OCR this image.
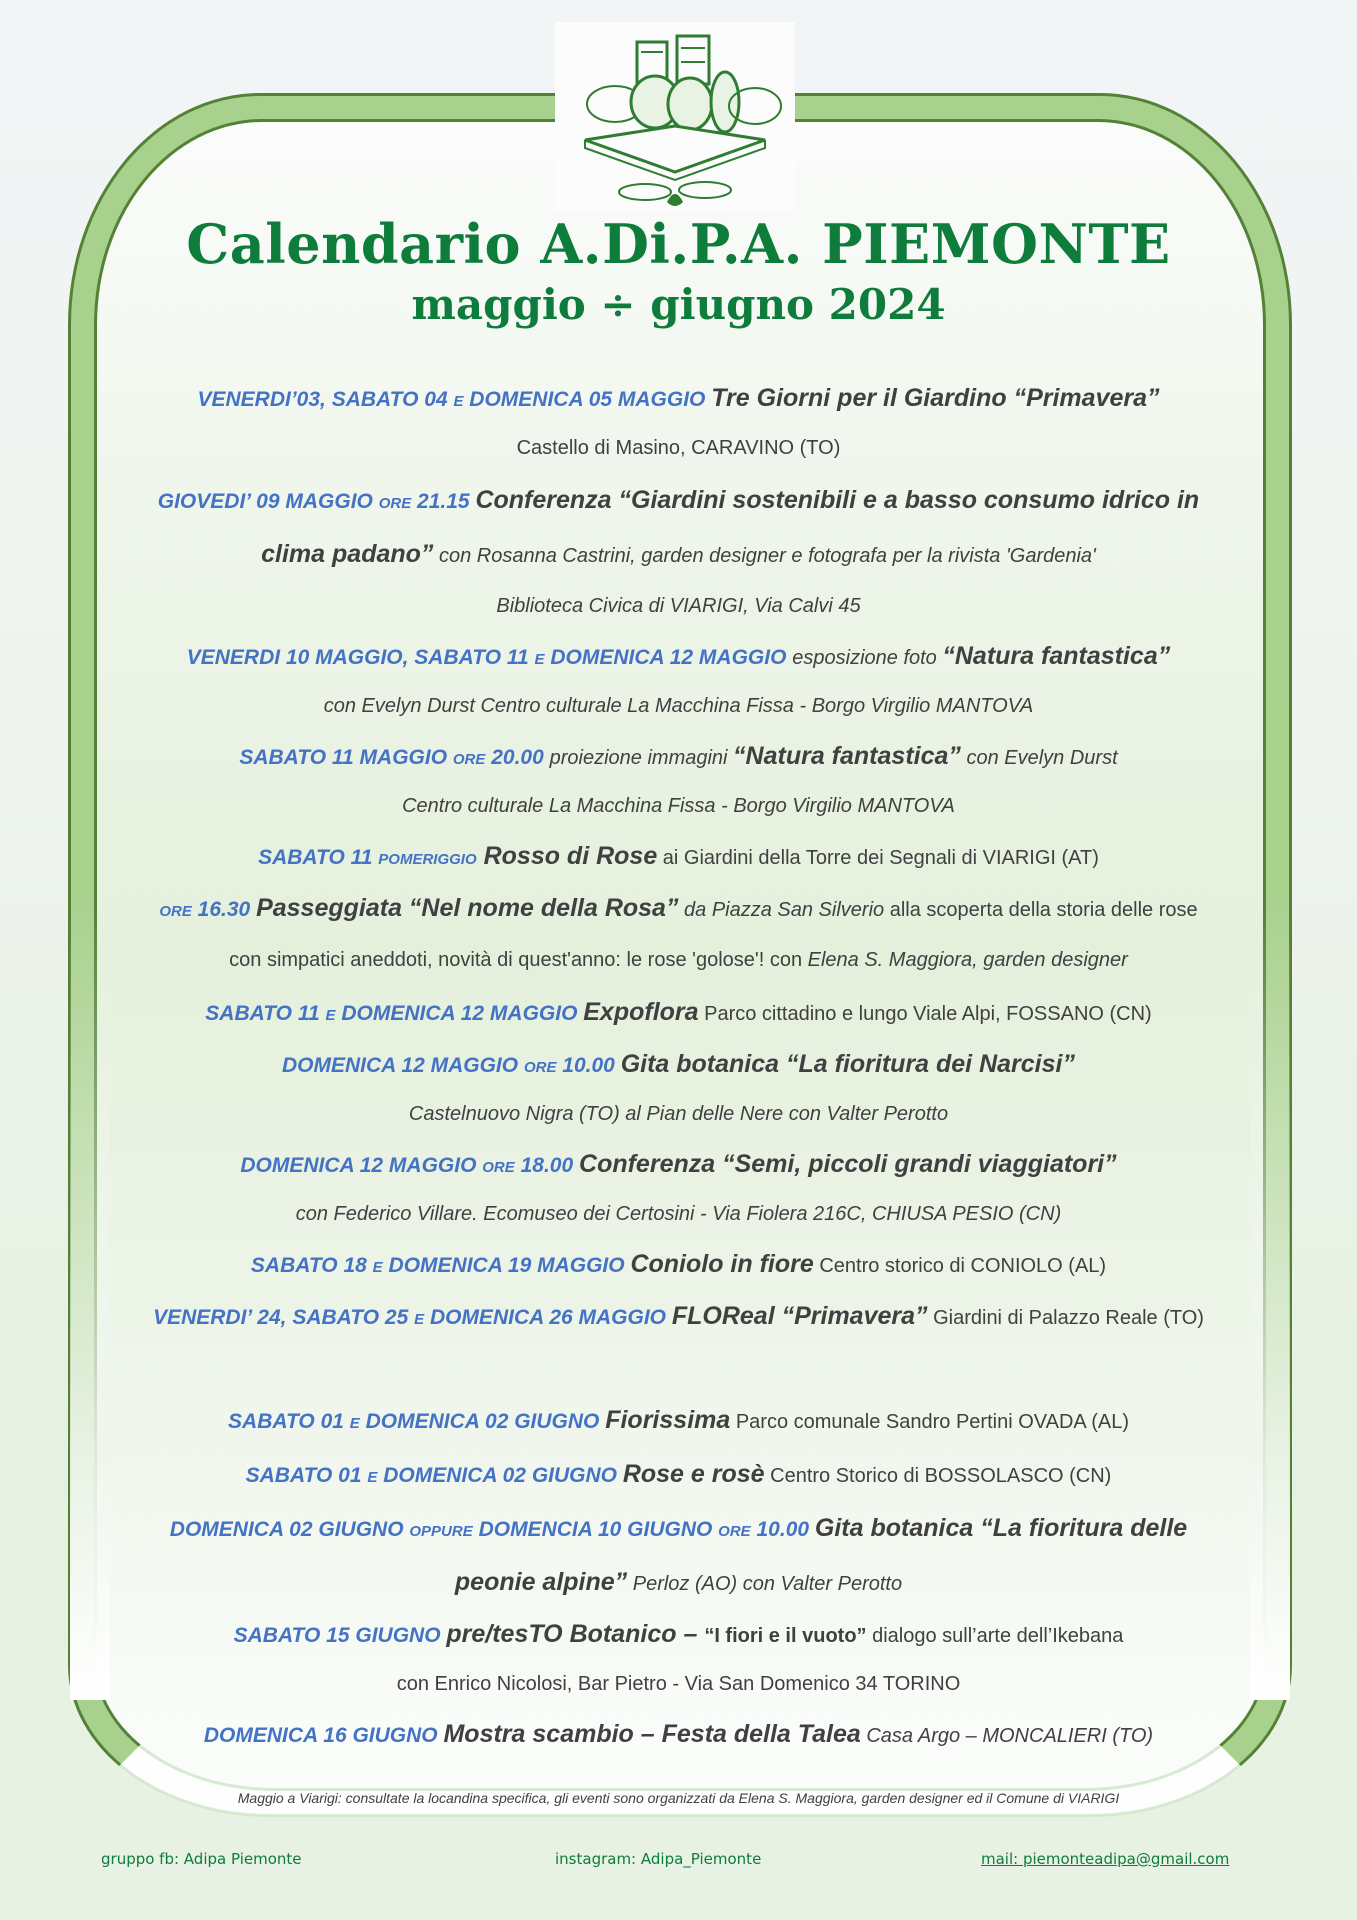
Calendario A.Di.P.A. PIEMONTE
maggio ÷ giugno 2024
VENERDI’03, SABATO 04 E DOMENICA 05 MAGGIO Tre Giorni per il Giardino “Primavera”
Castello di Masino, CARAVINO (TO)
GIOVEDI’ 09 MAGGIO ORE 21.15 Conferenza “Giardini sostenibili e a basso consumo idrico in
clima padano” con Rosanna Castrini, garden designer e fotografa per la rivista 'Gardenia'
Biblioteca Civica di VIARIGI, Via Calvi 45
VENERDI 10 MAGGIO, SABATO 11 E DOMENICA 12 MAGGIO esposizione foto “Natura fantastica”
con Evelyn Durst Centro culturale La Macchina Fissa - Borgo Virgilio MANTOVA
SABATO 11 MAGGIO ORE 20.00 proiezione immagini “Natura fantastica” con Evelyn Durst
Centro culturale La Macchina Fissa - Borgo Virgilio MANTOVA
SABATO 11 POMERIGGIO Rosso di Rose ai Giardini della Torre dei Segnali di VIARIGI (AT)
ORE 16.30 Passeggiata “Nel nome della Rosa” da Piazza San Silverio alla scoperta della storia delle rose
con simpatici aneddoti, novità di quest'anno: le rose 'golose'! con Elena S. Maggiora, garden designer
SABATO 11 E DOMENICA 12 MAGGIO Expoflora Parco cittadino e lungo Viale Alpi, FOSSANO (CN)
DOMENICA 12 MAGGIO ORE 10.00 Gita botanica “La fioritura dei Narcisi”
Castelnuovo Nigra (TO) al Pian delle Nere con Valter Perotto
DOMENICA 12 MAGGIO ORE 18.00 Conferenza “Semi, piccoli grandi viaggiatori”
con Federico Villare. Ecomuseo dei Certosini - Via Fiolera 216C, CHIUSA PESIO (CN)
SABATO 18 E DOMENICA 19 MAGGIO Coniolo in fiore Centro storico di CONIOLO (AL)
VENERDI’ 24, SABATO 25 E DOMENICA 26 MAGGIO FLOReal “Primavera” Giardini di Palazzo Reale (TO)
SABATO 01 E DOMENICA 02 GIUGNO Fiorissima Parco comunale Sandro Pertini OVADA (AL)
SABATO 01 E DOMENICA 02 GIUGNO Rose e rosè Centro Storico di BOSSOLASCO (CN)
DOMENICA 02 GIUGNO OPPURE DOMENCIA 10 GIUGNO ORE 10.00 Gita botanica “La fioritura delle
peonie alpine” Perloz (AO) con Valter Perotto
SABATO 15 GIUGNO pre/tesTO Botanico – “I fiori e il vuoto” dialogo sull’arte dell’Ikebana
con Enrico Nicolosi, Bar Pietro - Via San Domenico 34 TORINO
DOMENICA 16 GIUGNO Mostra scambio – Festa della Talea Casa Argo – MONCALIERI (TO)
Maggio a Viarigi: consultate la locandina specifica, gli eventi sono organizzati da Elena S. Maggiora, garden designer ed il Comune di VIARIGI
gruppo fb: Adipa Piemonte	instagram: Adipa_Piemonte	mail: piemonteadipa@gmail.com
